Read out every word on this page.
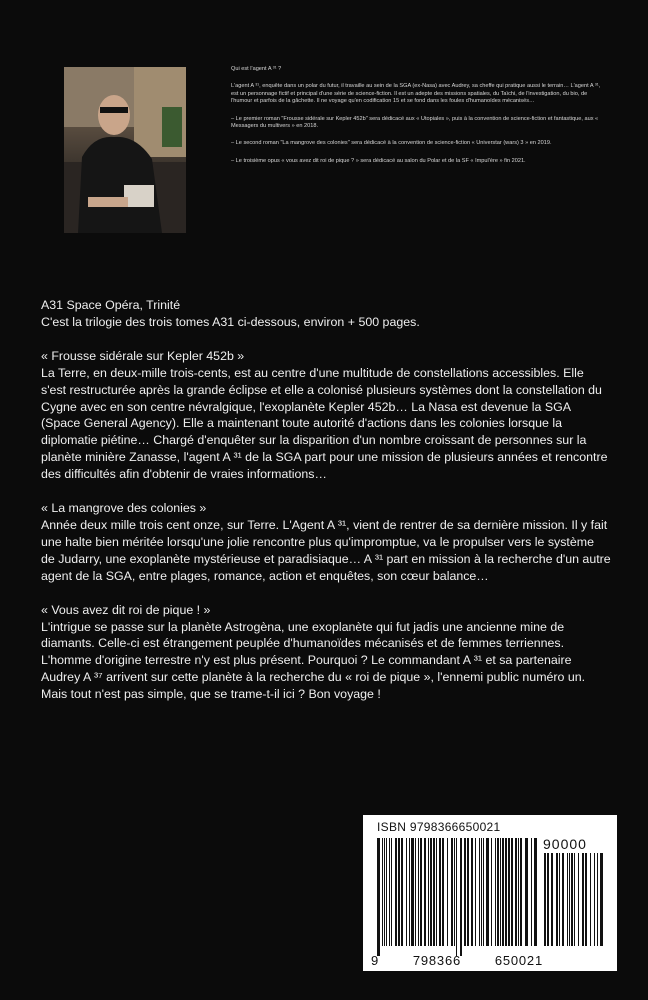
Qui est l'agent A ³¹ ?

L'agent A ³¹, enquête dans un polar du futur, il travaille au sein de la SGA (ex-Nasa) avec Audrey, sa cheffe qui pratique aussi le terrain… L'agent A ³¹, est un personnage fictif et principal d'une série de science-fiction. Il est un adepte des missions spatiales, du Taïchi, de l'investigation, du bio, de l'humour et parfois de la gâchette. Il ne voyage qu'en codification 15 et se fond dans les foules d'humanoïdes mécanisés…

– Le premier roman "Frousse sidérale sur Kepler 452b" sera dédicacé aux « Utopiales », puis à la convention de science-fiction et fantastique, aux « Messagers du multivers » en 2018.

– Le second roman "La mangrove des colonies" sera dédicacé à la convention de science-fiction « Universtar (wars) 3 » en 2019.

– Le troisième opus « vous avez dit roi de pique ? » sera dédicacé au salon du Polar et de la SF « Impul'ère » fin 2021.

A31 Space Opéra, Trinité

C'est la trilogie des trois tomes A31 ci-dessous, environ + 500 pages.

« Frousse sidérale sur Kepler 452b »

La Terre, en deux-mille trois-cents, est au centre d'une multitude de constellations accessibles. Elle s'est restructurée après la grande éclipse et elle a colonisé plusieurs systèmes dont la constellation du Cygne avec en son centre névralgique, l'exoplanète Kepler 452b… La Nasa est devenue la SGA (Space General Agency). Elle a maintenant toute autorité d'actions dans les colonies lorsque la diplomatie piétine… Chargé d'enquêter sur la disparition d'un nombre croissant de personnes sur la planète minière Zanasse, l'agent A ³¹ de la SGA part pour une mission de plusieurs années et rencontre des difficultés afin d'obtenir de vraies informations…

« La mangrove des colonies »

Année deux mille trois cent onze, sur Terre. L'Agent A ³¹, vient de rentrer de sa dernière mission. Il y fait une halte bien méritée lorsqu'une jolie rencontre plus qu'impromptue, va le propulser vers le système de Judarry, une exoplanète mystérieuse et paradisiaque… A ³¹ part en mission à la recherche d'un autre agent de la SGA, entre plages, romance, action et enquêtes, son cœur balance…

« Vous avez dit roi de pique ! »

L'intrigue se passe sur la planète Astrogèna, une exoplanète qui fut jadis une ancienne mine de diamants. Celle-ci est étrangement peuplée d'humanoïdes mécanisés et de femmes terriennes. L'homme d'origine terrestre n'y est plus présent. Pourquoi ? Le commandant A ³¹ et sa partenaire Audrey A ³⁷ arrivent sur cette planète à la recherche du « roi de pique », l'ennemi public numéro un. Mais tout n'est pas simple, que se trame-t-il ici ? Bon voyage !

ISBN 9798366650021
90000
9	798366	650021
